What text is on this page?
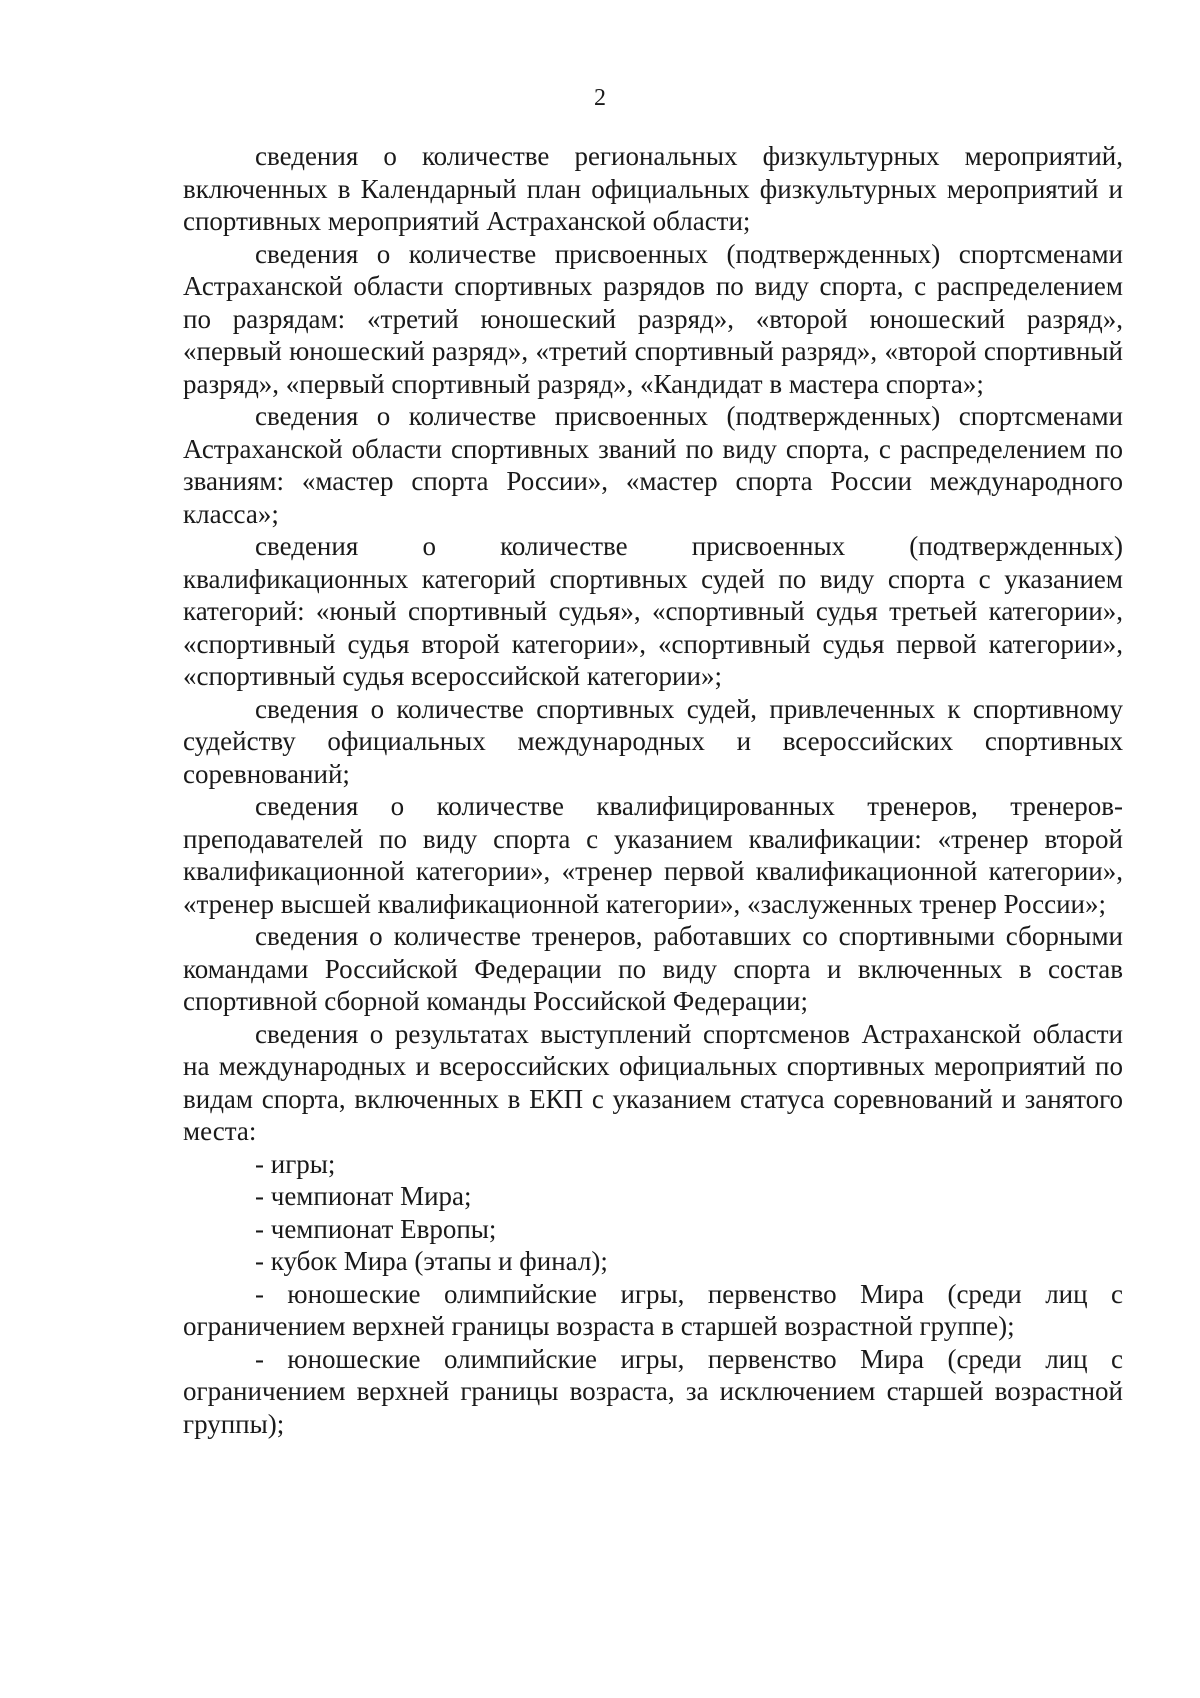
2

сведения о количестве региональных физкультурных мероприятий, включенных в Календарный план официальных физкультурных мероприятий и спортивных мероприятий Астраханской области;

сведения о количестве присвоенных (подтвержденных) спортсменами Астраханской области спортивных разрядов по виду спорта, с распределением по разрядам: «третий юношеский разряд», «второй юношеский разряд», «первый юношеский разряд», «третий спортивный разряд», «второй спортивный разряд», «первый спортивный разряд», «Кандидат в мастера спорта»;

сведения о количестве присвоенных (подтвержденных) спортсменами Астраханской области спортивных званий по виду спорта, с распределением по званиям: «мастер спорта России», «мастер спорта России международного класса»;

сведения о количестве присвоенных (подтвержденных) квалификационных категорий спортивных судей по виду спорта с указанием категорий: «юный спортивный судья», «спортивный судья третьей категории», «спортивный судья второй категории», «спортивный судья первой категории», «спортивный судья всероссийской категории»;

сведения о количестве спортивных судей, привлеченных к спортивному судейству официальных международных и всероссийских спортивных соревнований;

сведения о количестве квалифицированных тренеров, тренеров-преподавателей по виду спорта с указанием квалификации: «тренер второй квалификационной категории», «тренер первой квалификационной категории», «тренер высшей квалификационной категории», «заслуженных тренер России»;

сведения о количестве тренеров, работавших со спортивными сборными командами Российской Федерации по виду спорта и включенных в состав спортивной сборной команды Российской Федерации;

сведения о результатах выступлений спортсменов Астраханской области на международных и всероссийских официальных спортивных мероприятий по видам спорта, включенных в ЕКП с указанием статуса соревнований и занятого места:

- игры;

- чемпионат Мира;

- чемпионат Европы;

- кубок Мира (этапы и финал);

- юношеские олимпийские игры, первенство Мира (среди лиц с ограничением верхней границы возраста в старшей возрастной группе);

- юношеские олимпийские игры, первенство Мира (среди лиц с ограничением верхней границы возраста, за исключением старшей возрастной группы);
